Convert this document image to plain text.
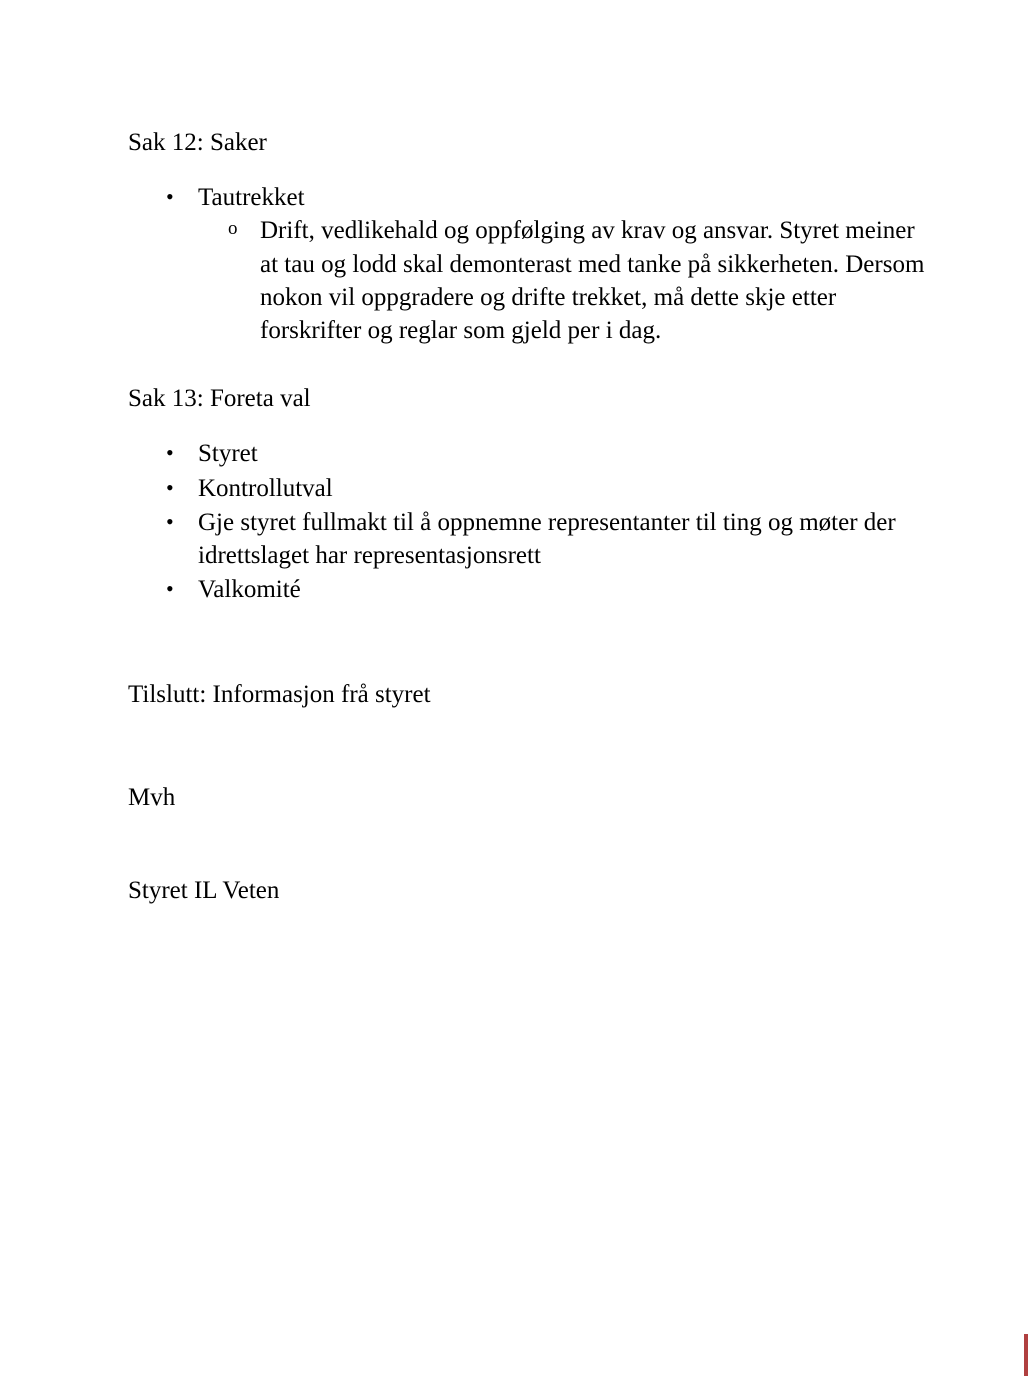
Sak 12: Saker

• Tautrekket
o Drift, vedlikehald og oppfølging av krav og ansvar. Styret meiner at tau og lodd skal demonterast med tanke på sikkerheten. Dersom nokon vil oppgradere og drifte trekket, må dette skje etter forskrifter og reglar som gjeld per i dag.

Sak 13: Foreta val

• Styret
• Kontrollutval
• Gje styret fullmakt til å oppnemne representanter til ting og møter der idrettslaget har representasjonsrett
• Valkomité

Tilslutt: Informasjon frå styret

Mvh

Styret IL Veten
